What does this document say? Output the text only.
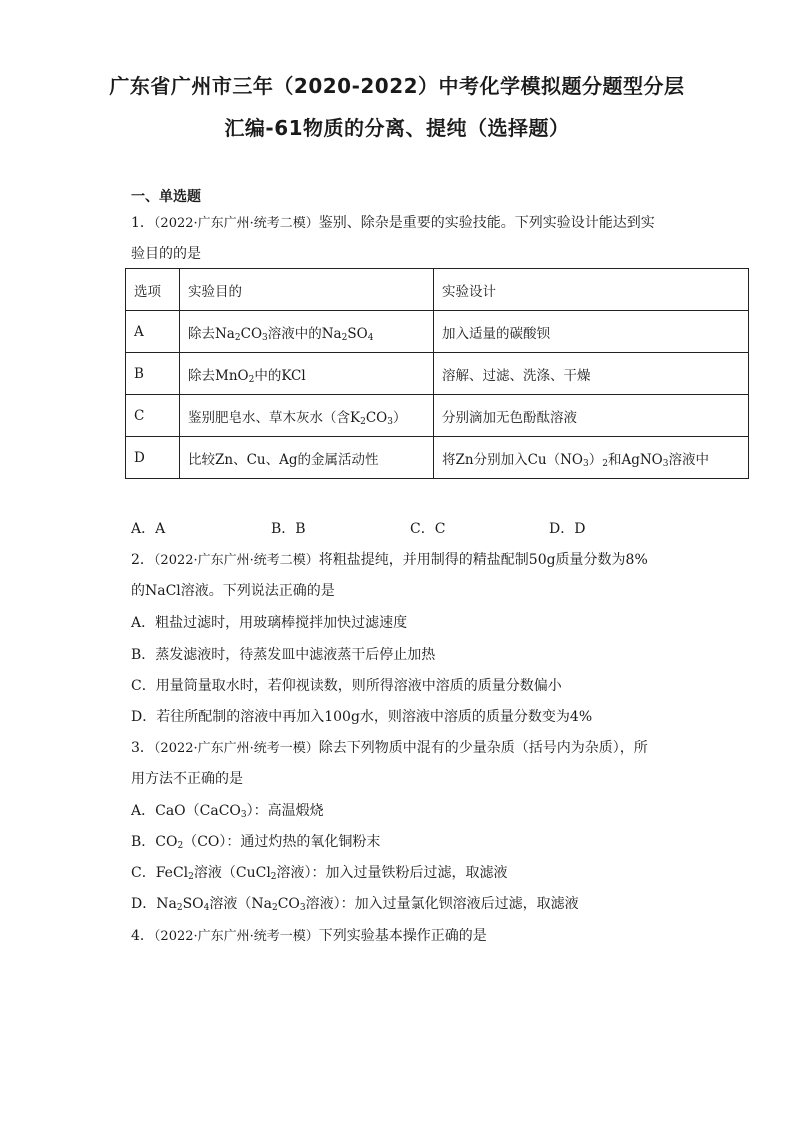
广东省广州市三年（2020-2022）中考化学模拟题分题型分层
汇编-61物质的分离、提纯（选择题）
一、单选题
1．（2022·广东广州·统考二模）鉴别、除杂是重要的实验技能。下列实验设计能达到实
验目的的是
选项	实验目的	实验设计
A	除去$Na_2CO_3$溶液中的$Na_2SO_4$	加入适量的碳酸钡
B	除去MnO$_2$中的KCl	溶解、过滤、洗涤、干燥
C	鉴别肥皂水、草木灰水（含$K_2CO_3$）	分别滴加无色酚酞溶液
D	比较Zn、Cu、Ag的金属活动性	将Zn分别加入$Cu(NO_3)_2$和AgNO$_3$溶液中
A．A	B．B	C．C	D．D
2．（2022·广东广州·统考二模）将粗盐提纯，并用制得的精盐配制50g质量分数为8%
的NaCl溶液。下列说法正确的是
A．粗盐过滤时，用玻璃棒搅拌加快过滤速度
B．蒸发滤液时，待蒸发皿中滤液蒸干后停止加热
C．用量筒量取水时，若仰视读数，则所得溶液中溶质的质量分数偏小
D．若往所配制的溶液中再加入100g水，则溶液中溶质的质量分数变为4%
3．（2022·广东广州·统考一模）除去下列物质中混有的少量杂质（括号内为杂质），所
用方法不正确的是
A．CaO（CaCO$_3$）：高温煅烧
B．$CO_2(CO)$：通过灼热的氧化铜粉末
C．FeCl$_2$溶液（CuCl$_2$溶液）：加入过量铁粉后过滤，取滤液
D．$Na_2SO_4$溶液（$Na_2CO_3$溶液）：加入过量氯化钡溶液后过滤，取滤液
4．（2022·广东广州·统考一模）下列实验基本操作正确的是
